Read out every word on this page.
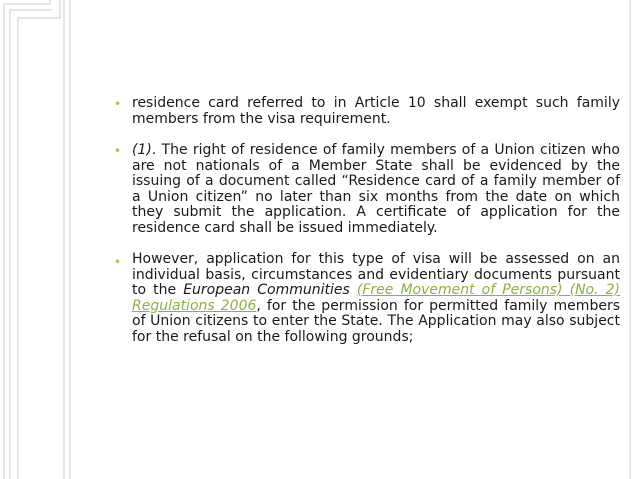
• residence card referred to in Article 10 shall exempt such family members from the visa requirement.
• (1). The right of residence of family members of a Union citizen who are not nationals of a Member State shall be evidenced by the issuing of a document called “Residence card of a family member of a Union citizen” no later than six months from the date on which they submit the application. A certificate of application for the residence card shall be issued immediately.
• However, application for this type of visa will be assessed on an individual basis, circumstances and evidentiary documents pursuant to the European Communities (Free Movement of Persons) (No. 2) Regulations 2006, for the permission for permitted family members of Union citizens to enter the State. The Application may also subject for the refusal on the following grounds;
